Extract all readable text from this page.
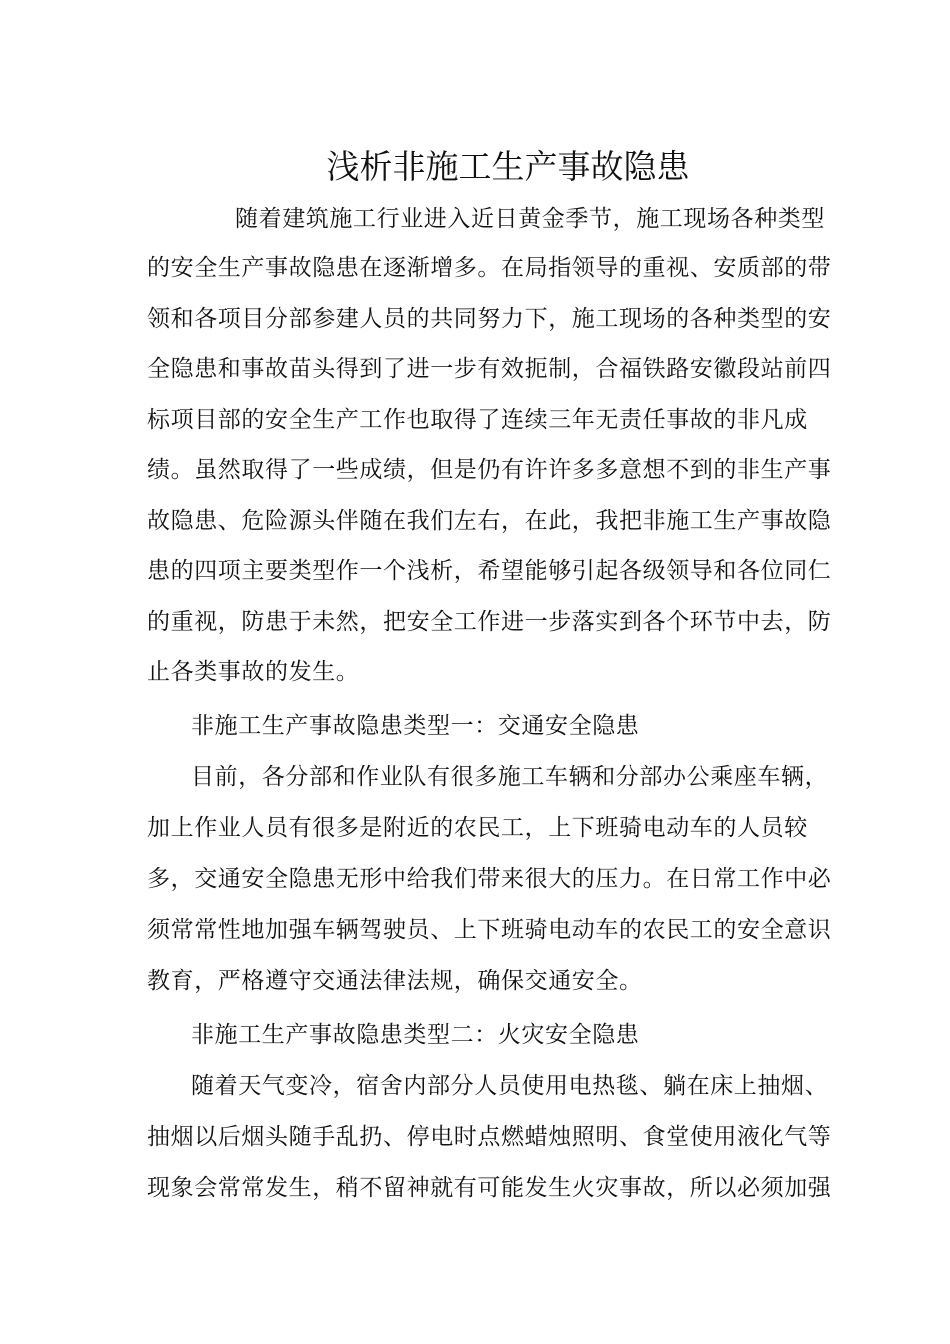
浅析非施工生产事故隐患
随着建筑施工行业进入近日黄金季节，施工现场各种类型
的安全生产事故隐患在逐渐增多。在局指领导的重视、安质部的带
领和各项目分部参建人员的共同努力下，施工现场的各种类型的安
全隐患和事故苗头得到了进一步有效扼制，合福铁路安徽段站前四
标项目部的安全生产工作也取得了连续三年无责任事故的非凡成
绩。虽然取得了一些成绩，但是仍有许许多多意想不到的非生产事
故隐患、危险源头伴随在我们左右，在此，我把非施工生产事故隐
患的四项主要类型作一个浅析，希望能够引起各级领导和各位同仁
的重视，防患于未然，把安全工作进一步落实到各个环节中去，防
止各类事故的发生。
非施工生产事故隐患类型一：交通安全隐患
目前，各分部和作业队有很多施工车辆和分部办公乘座车辆，
加上作业人员有很多是附近的农民工，上下班骑电动车的人员较
多，交通安全隐患无形中给我们带来很大的压力。在日常工作中必
须常常性地加强车辆驾驶员、上下班骑电动车的农民工的安全意识
教育，严格遵守交通法律法规，确保交通安全。
非施工生产事故隐患类型二：火灾安全隐患
随着天气变冷，宿舍内部分人员使用电热毯、躺在床上抽烟、
抽烟以后烟头随手乱扔、停电时点燃蜡烛照明、食堂使用液化气等
现象会常常发生，稍不留神就有可能发生火灾事故，所以必须加强
